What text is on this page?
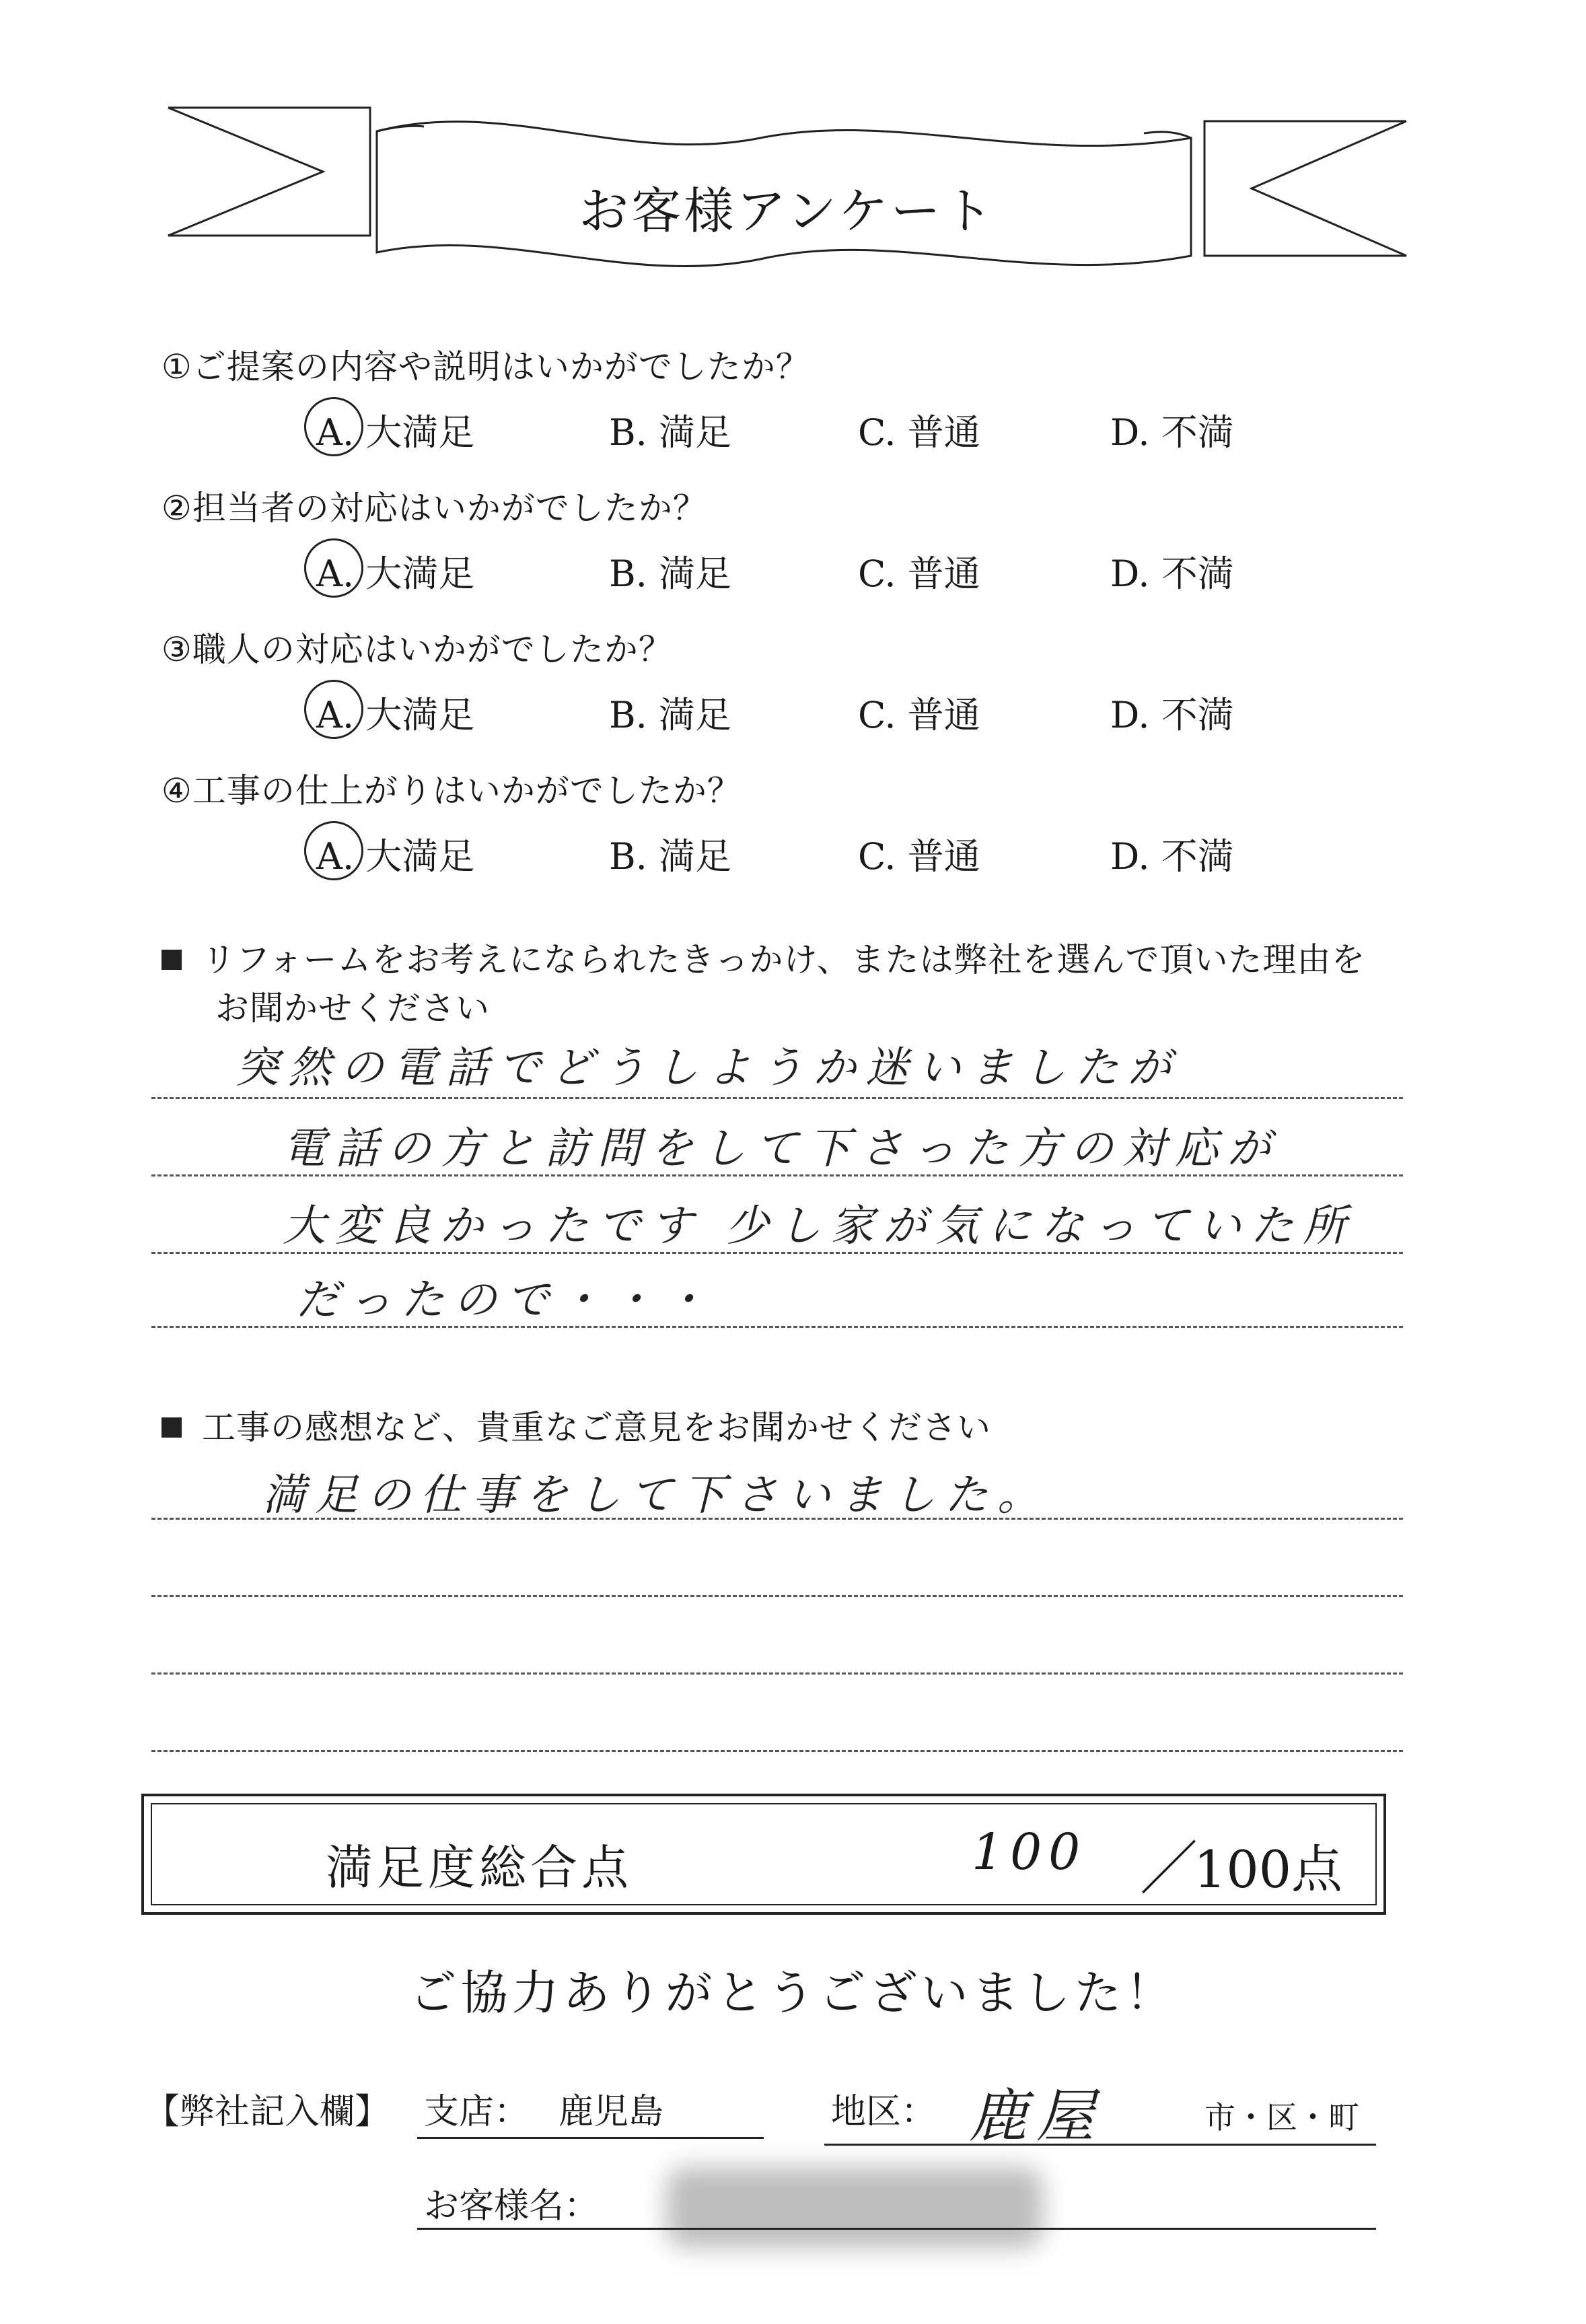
お客様アンケート
①ご提案の内容や説明はいかがでしたか？
A. 大満足	B. 満足	C. 普通	D. 不満
②担当者の対応はいかがでしたか？
A. 大満足	B. 満足	C. 普通	D. 不満
③職人の対応はいかがでしたか？
A. 大満足	B. 満足	C. 普通	D. 不満
④工事の仕上がりはいかがでしたか？
A. 大満足	B. 満足	C. 普通	D. 不満
リフォームをお考えになられたきっかけ、または弊社を選んで頂いた理由を
お聞かせください
突然の電話でどうしようか迷いましたが
電話の方と訪問をして下さった方の対応が
大変良かったです 少し家が気になっていた所
だったので・・・
工事の感想など、貴重なご意見をお聞かせください
満足の仕事をして下さいました。
満足度総合点	100 ／
100点
ご協力ありがとうございました！
【弊社記入欄】 支店： 鹿児島	地区： 鹿屋	市・区・町
お客様名：
